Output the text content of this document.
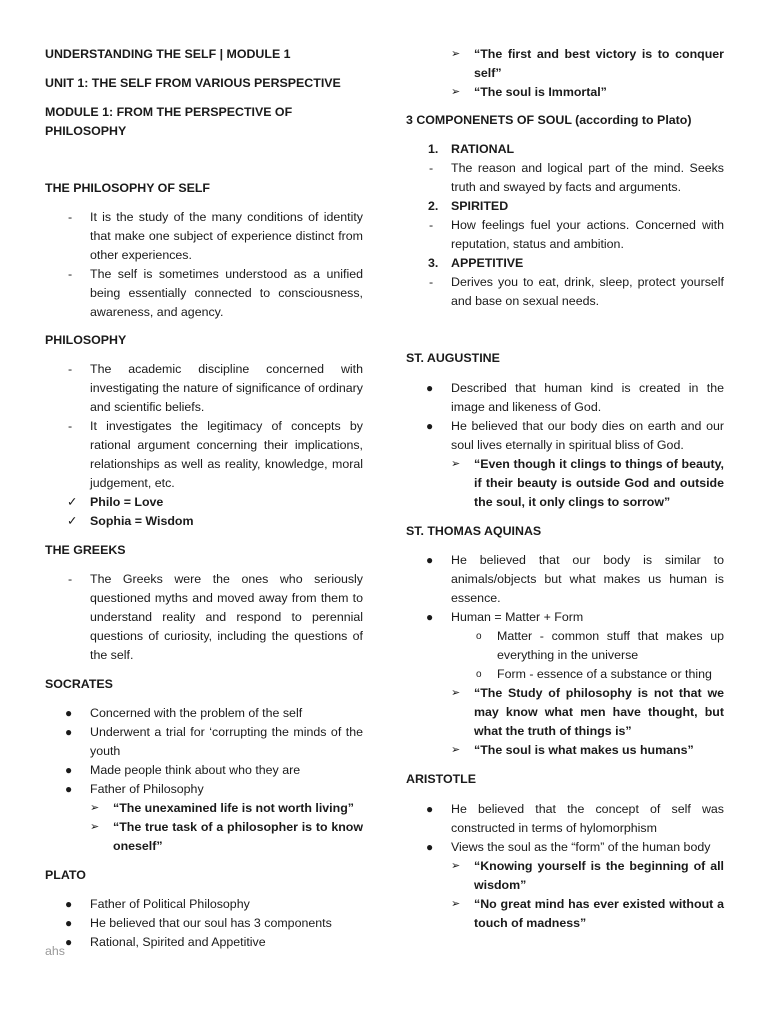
UNDERSTANDING THE SELF | MODULE 1

UNIT 1: THE SELF FROM VARIOUS PERSPECTIVE

MODULE 1: FROM THE PERSPECTIVE OF PHILOSOPHY

THE PHILOSOPHY OF SELF

- It is the study of the many conditions of identity that make one subject of experience distinct from other experiences.
- The self is sometimes understood as a unified being essentially connected to consciousness, awareness, and agency.

PHILOSOPHY

- The academic discipline concerned with investigating the nature of significance of ordinary and scientific beliefs.
- It investigates the legitimacy of concepts by rational argument concerning their implications, relationships as well as reality, knowledge, moral judgement, etc.
✓ Philo = Love
✓ Sophia = Wisdom

THE GREEKS

- The Greeks were the ones who seriously questioned myths and moved away from them to understand reality and respond to perennial questions of curiosity, including the questions of the self.

SOCRATES

● Concerned with the problem of the self
● Underwent a trial for ‘corrupting the minds of the youth
● Made people think about who they are
● Father of Philosophy
➢ “The unexamined life is not worth living”
➢ “The true task of a philosopher is to know oneself”

PLATO

● Father of Political Philosophy
● He believed that our soul has 3 components
● Rational, Spirited and Appetitive
➢ “The first and best victory is to conquer self”
➢ “The soul is Immortal”

3 COMPONENETS OF SOUL (according to Plato)

1. RATIONAL
- The reason and logical part of the mind. Seeks truth and swayed by facts and arguments.
2. SPIRITED
- How feelings fuel your actions. Concerned with reputation, status and ambition.
3. APPETITIVE
- Derives you to eat, drink, sleep, protect yourself and base on sexual needs.

ST. AUGUSTINE

● Described that human kind is created in the image and likeness of God.
● He believed that our body dies on earth and our soul lives eternally in spiritual bliss of God.
➢ “Even though it clings to things of beauty, if their beauty is outside God and outside the soul, it only clings to sorrow”

ST. THOMAS AQUINAS

● He believed that our body is similar to animals/objects but what makes us human is essence.
● Human = Matter + Form
o Matter - common stuff that makes up everything in the universe
o Form - essence of a substance or thing
➢ “The Study of philosophy is not that we may know what men have thought, but what the truth of things is”
➢ “The soul is what makes us humans”

ARISTOTLE

● He believed that the concept of self was constructed in terms of hylomorphism
● Views the soul as the “form” of the human body
➢ “Knowing yourself is the beginning of all wisdom”
➢ “No great mind has ever existed without a touch of madness”
ahs
